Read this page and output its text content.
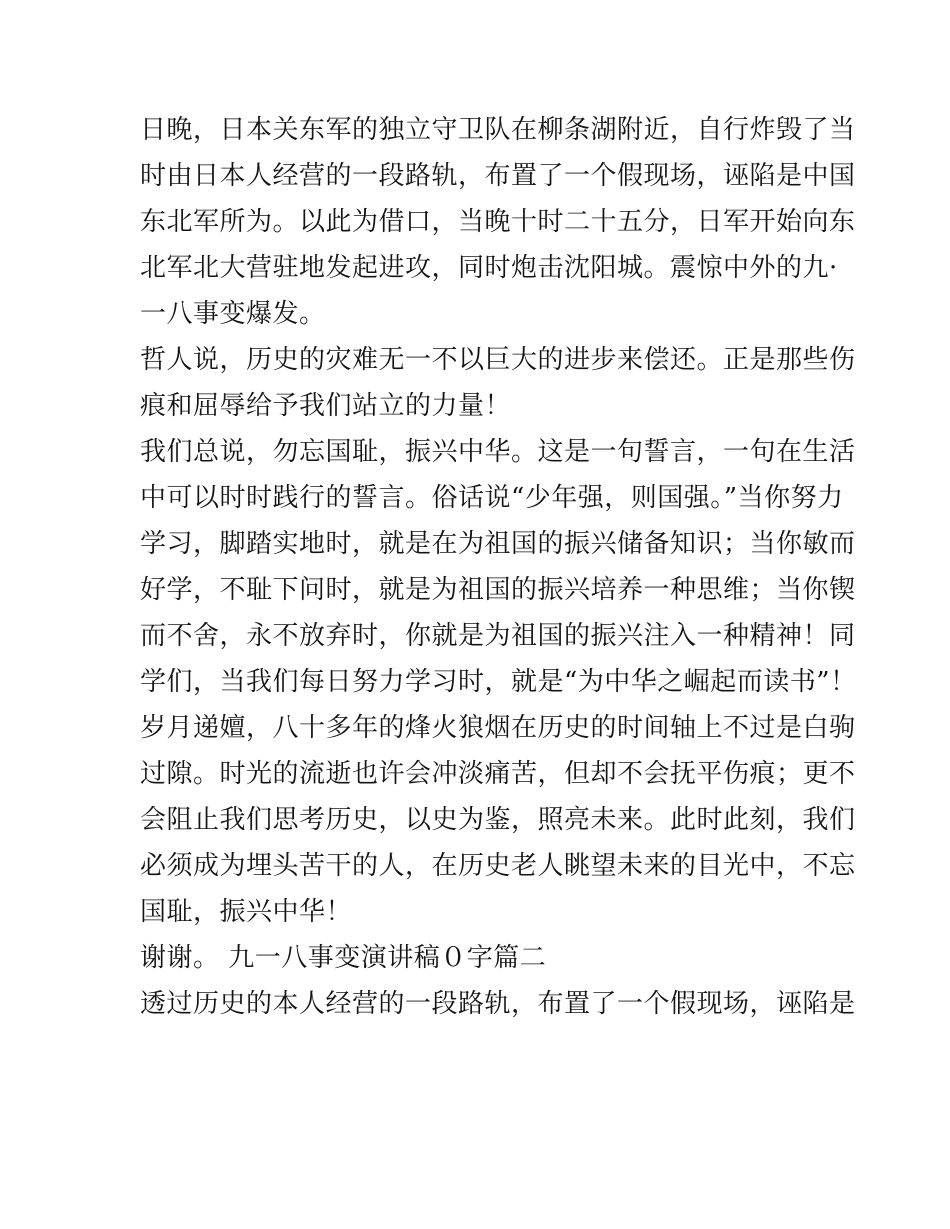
日晚，日本关东军的独立守卫队在柳条湖附近，自行炸毁了当
时由日本人经营的一段路轨，布置了一个假现场，诬陷是中国
东北军所为。以此为借口，当晚十时二十五分，日军开始向东
北军北大营驻地发起进攻，同时炮击沈阳城。震惊中外的九·
一八事变爆发。
哲人说，历史的灾难无一不以巨大的进步来偿还。正是那些伤
痕和屈辱给予我们站立的力量！
我们总说，勿忘国耻，振兴中华。这是一句誓言，一句在生活
中可以时时践行的誓言。俗话说“少年强，则国强。”当你努力
学习，脚踏实地时，就是在为祖国的振兴储备知识；当你敏而
好学，不耻下问时，就是为祖国的振兴培养一种思维；当你锲
而不舍，永不放弃时，你就是为祖国的振兴注入一种精神！同
学们，当我们每日努力学习时，就是“为中华之崛起而读书”！
岁月递嬗，八十多年的烽火狼烟在历史的时间轴上不过是白驹
过隙。时光的流逝也许会冲淡痛苦，但却不会抚平伤痕；更不
会阻止我们思考历史，以史为鉴，照亮未来。此时此刻，我们
必须成为埋头苦干的人，在历史老人眺望未来的目光中，不忘
国耻，振兴中华！
谢谢。 九一八事变演讲稿０字篇二
透过历史的本人经营的一段路轨，布置了一个假现场，诬陷是
